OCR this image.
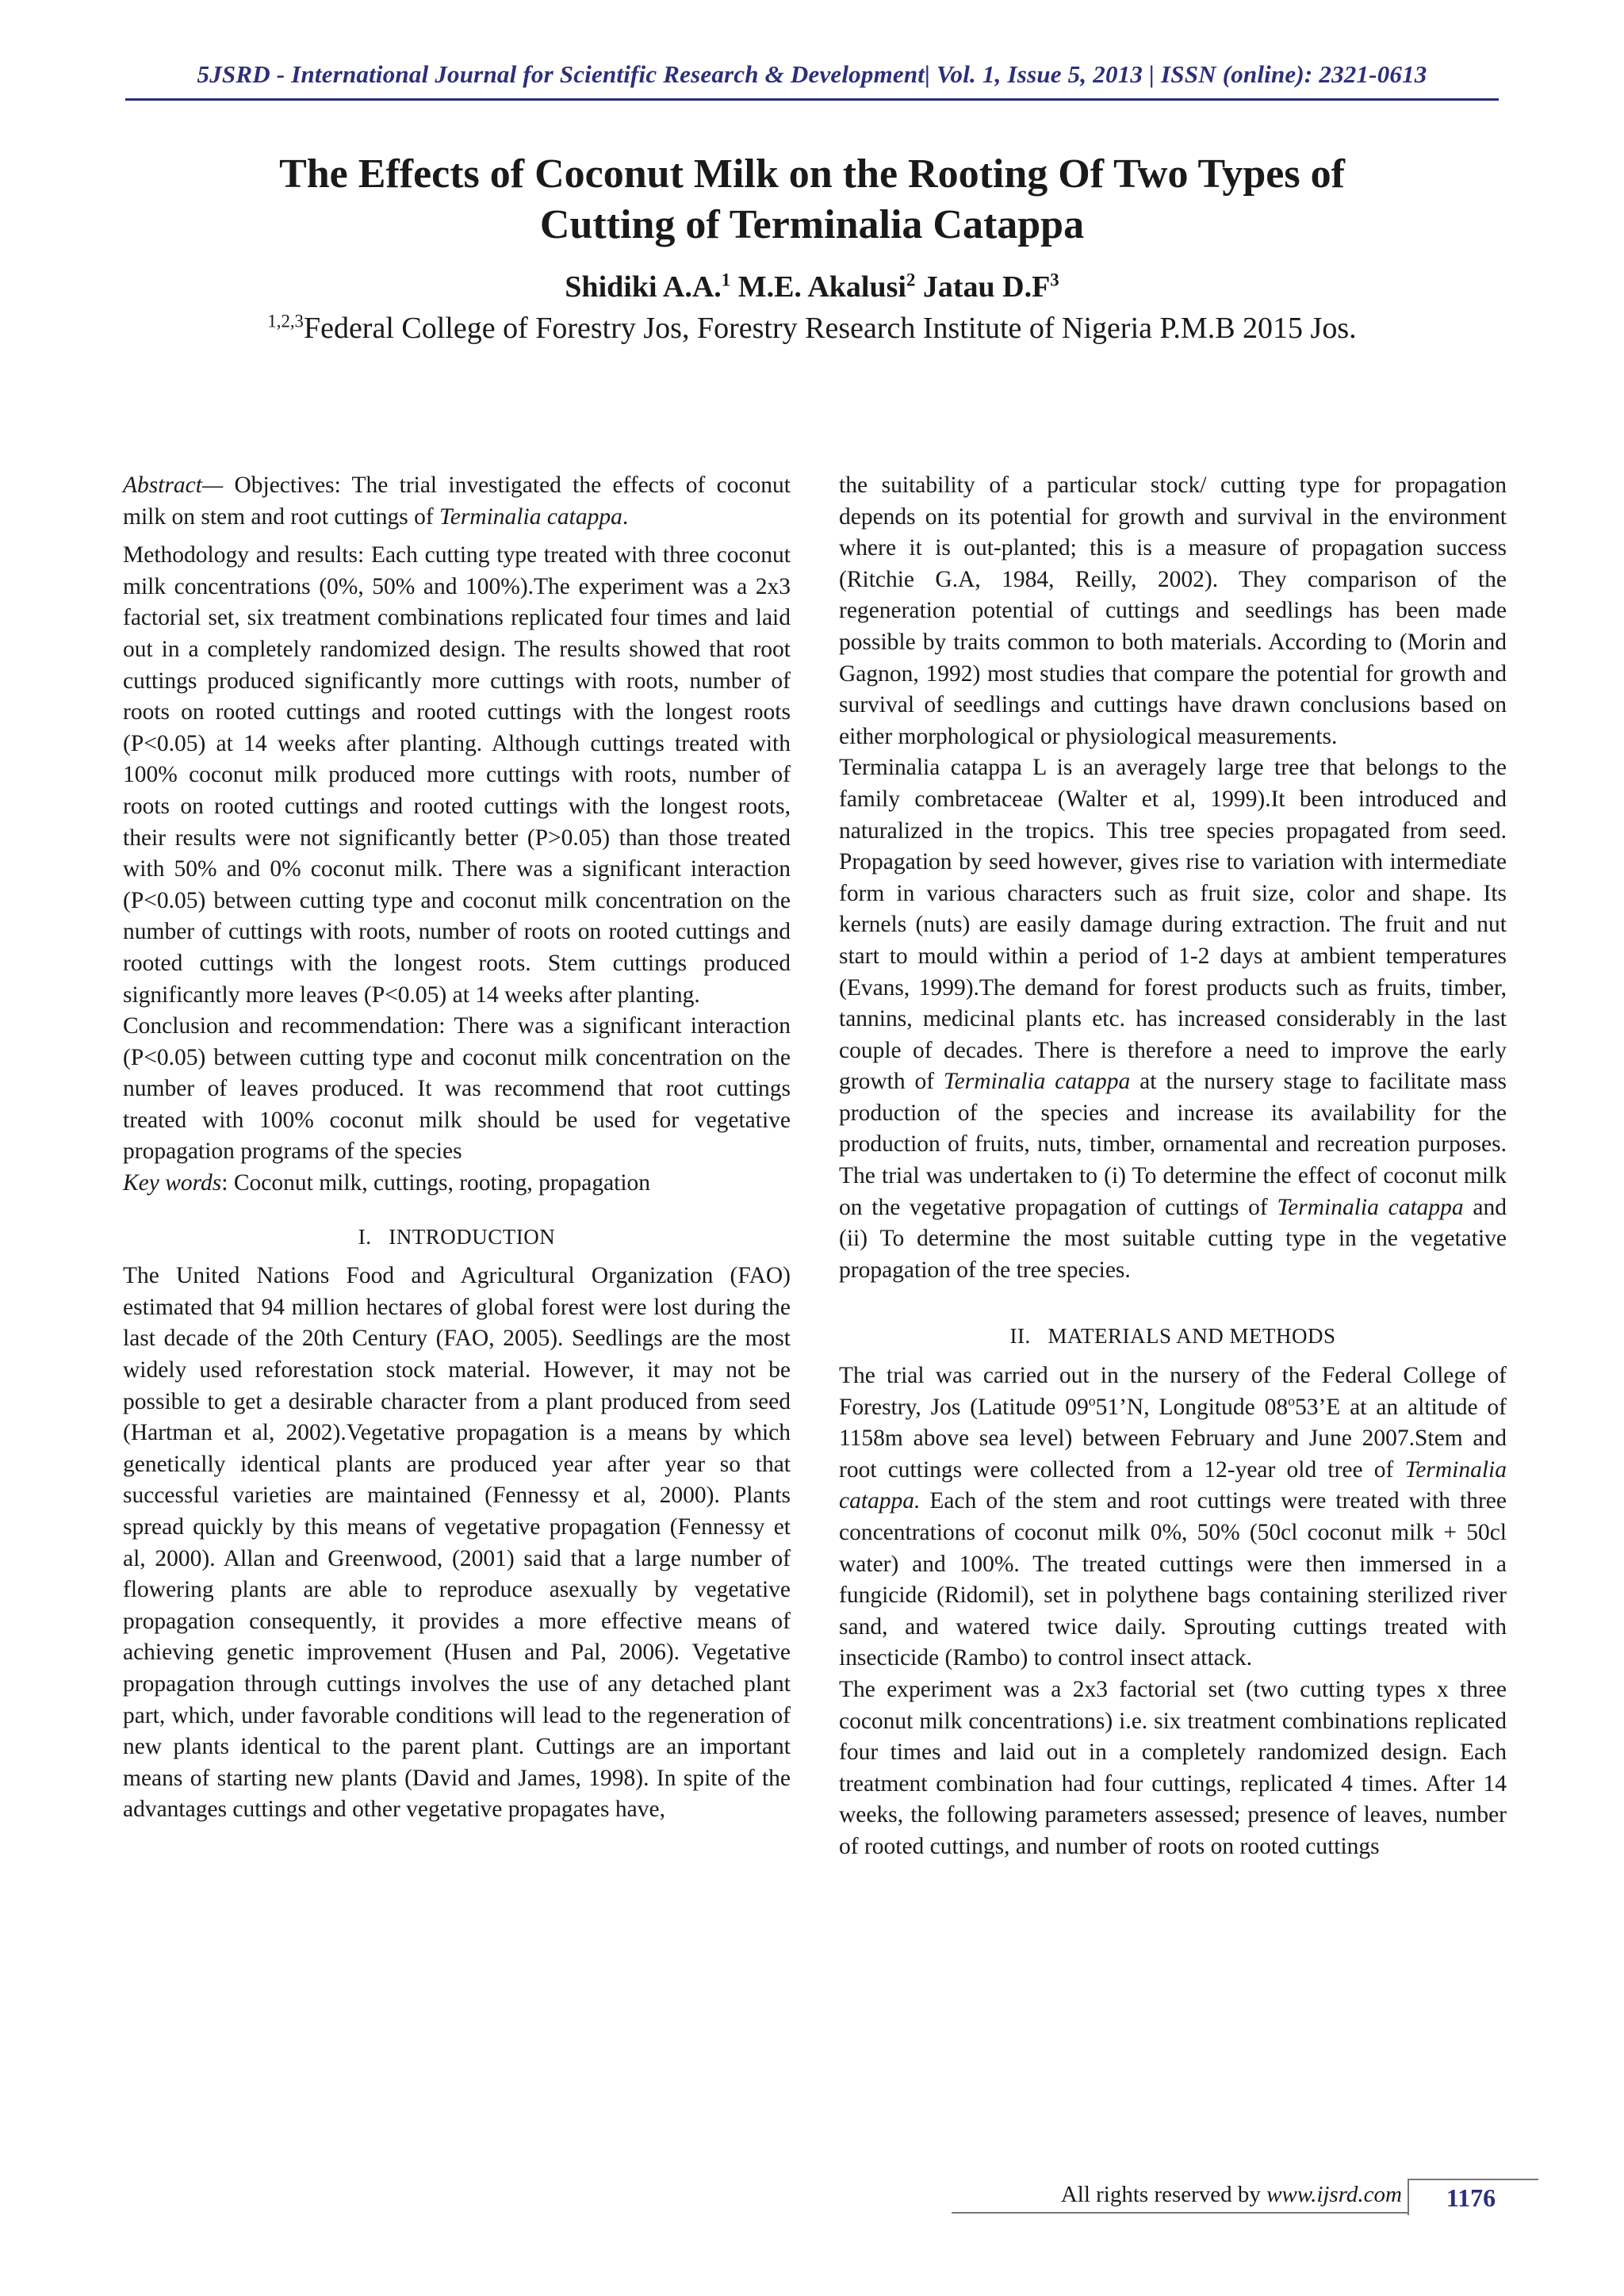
5JSRD - International Journal for Scientific Research & Development| Vol. 1, Issue 5, 2013 | ISSN (online): 2321-0613
The Effects of Coconut Milk on the Rooting Of Two Types of
Cutting of Terminalia Catappa
Shidiki A.A.$^1$ M.E. Akalusi$^2$ Jatau $D.F^3$
$^{1,2,3}$Federal College of Forestry Jos, Forestry Research Institute of Nigeria P.M.B 2015 Jos.

Abstract— Objectives: The trial investigated the effects of coconut milk on stem and root cuttings of Terminalia catappa.

Methodology and results: Each cutting type treated with three coconut milk concentrations (0%, 50% and 100%).The experiment was a 2x3 factorial set, six treatment combinations replicated four times and laid out in a completely randomized design. The results showed that root cuttings produced significantly more cuttings with roots, number of roots on rooted cuttings and rooted cuttings with the longest roots (P<0.05) at 14 weeks after planting. Although cuttings treated with 100% coconut milk produced more cuttings with roots, number of roots on rooted cuttings and rooted cuttings with the longest roots, their results were not significantly better (P>0.05) than those treated with 50% and 0% coconut milk. There was a significant interaction (P<0.05) between cutting type and coconut milk concentration on the number of cuttings with roots, number of roots on rooted cuttings and rooted cuttings with the longest roots. Stem cuttings produced significantly more leaves (P<0.05) at 14 weeks after planting.

Conclusion and recommendation: There was a significant interaction (P<0.05) between cutting type and coconut milk concentration on the number of leaves produced. It was recommend that root cuttings treated with 100% coconut milk should be used for vegetative propagation programs of the species

Key words: Coconut milk, cuttings, rooting, propagation

I. INTRODUCTION

The United Nations Food and Agricultural Organization (FAO) estimated that 94 million hectares of global forest were lost during the last decade of the 20th Century (FAO, 2005). Seedlings are the most widely used reforestation stock material. However, it may not be possible to get a desirable character from a plant produced from seed (Hartman et al, 2002).Vegetative propagation is a means by which genetically identical plants are produced year after year so that successful varieties are maintained (Fennessy et al, 2000). Plants spread quickly by this means of vegetative propagation (Fennessy et al, 2000). Allan and Greenwood, (2001) said that a large number of flowering plants are able to reproduce asexually by vegetative propagation consequently, it provides a more effective means of achieving genetic improvement (Husen and Pal, 2006). Vegetative propagation through cuttings involves the use of any detached plant part, which, under favorable conditions will lead to the regeneration of new plants identical to the parent plant. Cuttings are an important means of starting new plants (David and James, 1998). In spite of the advantages cuttings and other vegetative propagates have,

the suitability of a particular stock/ cutting type for propagation depends on its potential for growth and survival in the environment where it is out-planted; this is a measure of propagation success (Ritchie G.A, 1984, Reilly, 2002). They comparison of the regeneration potential of cuttings and seedlings has been made possible by traits common to both materials. According to (Morin and Gagnon, 1992) most studies that compare the potential for growth and survival of seedlings and cuttings have drawn conclusions based on either morphological or physiological measurements.

Terminalia catappa L is an averagely large tree that belongs to the family combretaceae (Walter et al, 1999).It been introduced and naturalized in the tropics. This tree species propagated from seed. Propagation by seed however, gives rise to variation with intermediate form in various characters such as fruit size, color and shape. Its kernels (nuts) are easily damage during extraction. The fruit and nut start to mould within a period of 1-2 days at ambient temperatures (Evans, 1999).The demand for forest products such as fruits, timber, tannins, medicinal plants etc. has increased considerably in the last couple of decades. There is therefore a need to improve the early growth of Terminalia catappa at the nursery stage to facilitate mass production of the species and increase its availability for the production of fruits, nuts, timber, ornamental and recreation purposes. The trial was undertaken to (i) To determine the effect of coconut milk on the vegetative propagation of cuttings of Terminalia catappa and (ii) To determine the most suitable cutting type in the vegetative propagation of the tree species.

II. MATERIALS AND METHODS

The trial was carried out in the nursery of the Federal College of Forestry, Jos (Latitude 09$^o$51’N, Longitude 08$^o$53’E at an altitude of 1158m above sea level) between February and June 2007.Stem and root cuttings were collected from a 12-year old tree of Terminalia catappa. Each of the stem and root cuttings were treated with three concentrations of coconut milk 0%, 50% (50cl coconut milk + 50cl water) and 100%. The treated cuttings were then immersed in a fungicide (Ridomil), set in polythene bags containing sterilized river sand, and watered twice daily. Sprouting cuttings treated with insecticide (Rambo) to control insect attack.

The experiment was a 2x3 factorial set (two cutting types x three coconut milk concentrations) i.e. six treatment combinations replicated four times and laid out in a completely randomized design. Each treatment combination had four cuttings, replicated 4 times. After 14 weeks, the following parameters assessed; presence of leaves, number of rooted cuttings, and number of roots on rooted cuttings

All rights reserved by www.ijsrd.com	1176
